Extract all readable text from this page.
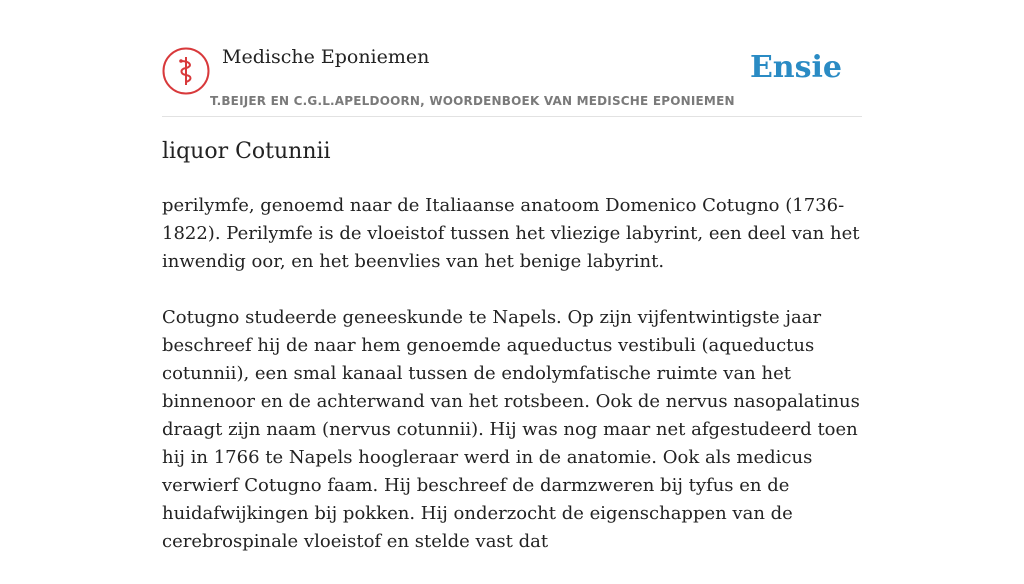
Medische Eponiemen
T.BEIJER EN C.G.L.APELDOORN, WOORDENBOEK VAN MEDISCHE EPONIEMEN
Ensie
liquor Cotunnii

perilymfe, genoemd naar de Italiaanse anatoom Domenico Cotugno (1736-1822). Perilymfe is de vloeistof tussen het vliezige labyrint, een deel van het inwendig oor, en het beenvlies van het benige labyrint.

Cotugno studeerde geneeskunde te Napels. Op zijn vijfentwintigste jaar beschreef hij de naar hem genoemde aqueductus vestibuli (aqueductus cotunnii), een smal kanaal tussen de endolymfatische ruimte van het binnenoor en de achterwand van het rotsbeen. Ook de nervus nasopalatinus draagt zijn naam (nervus cotunnii). Hij was nog maar net afgestudeerd toen hij in 1766 te Napels hoogleraar werd in de anatomie. Ook als medicus verwierf Cotugno faam. Hij beschreef de darmzweren bij tyfus en de huidafwijkingen bij pokken. Hij onderzocht de eigenschappen van de cerebrospinale vloeistof en stelde vast dat
